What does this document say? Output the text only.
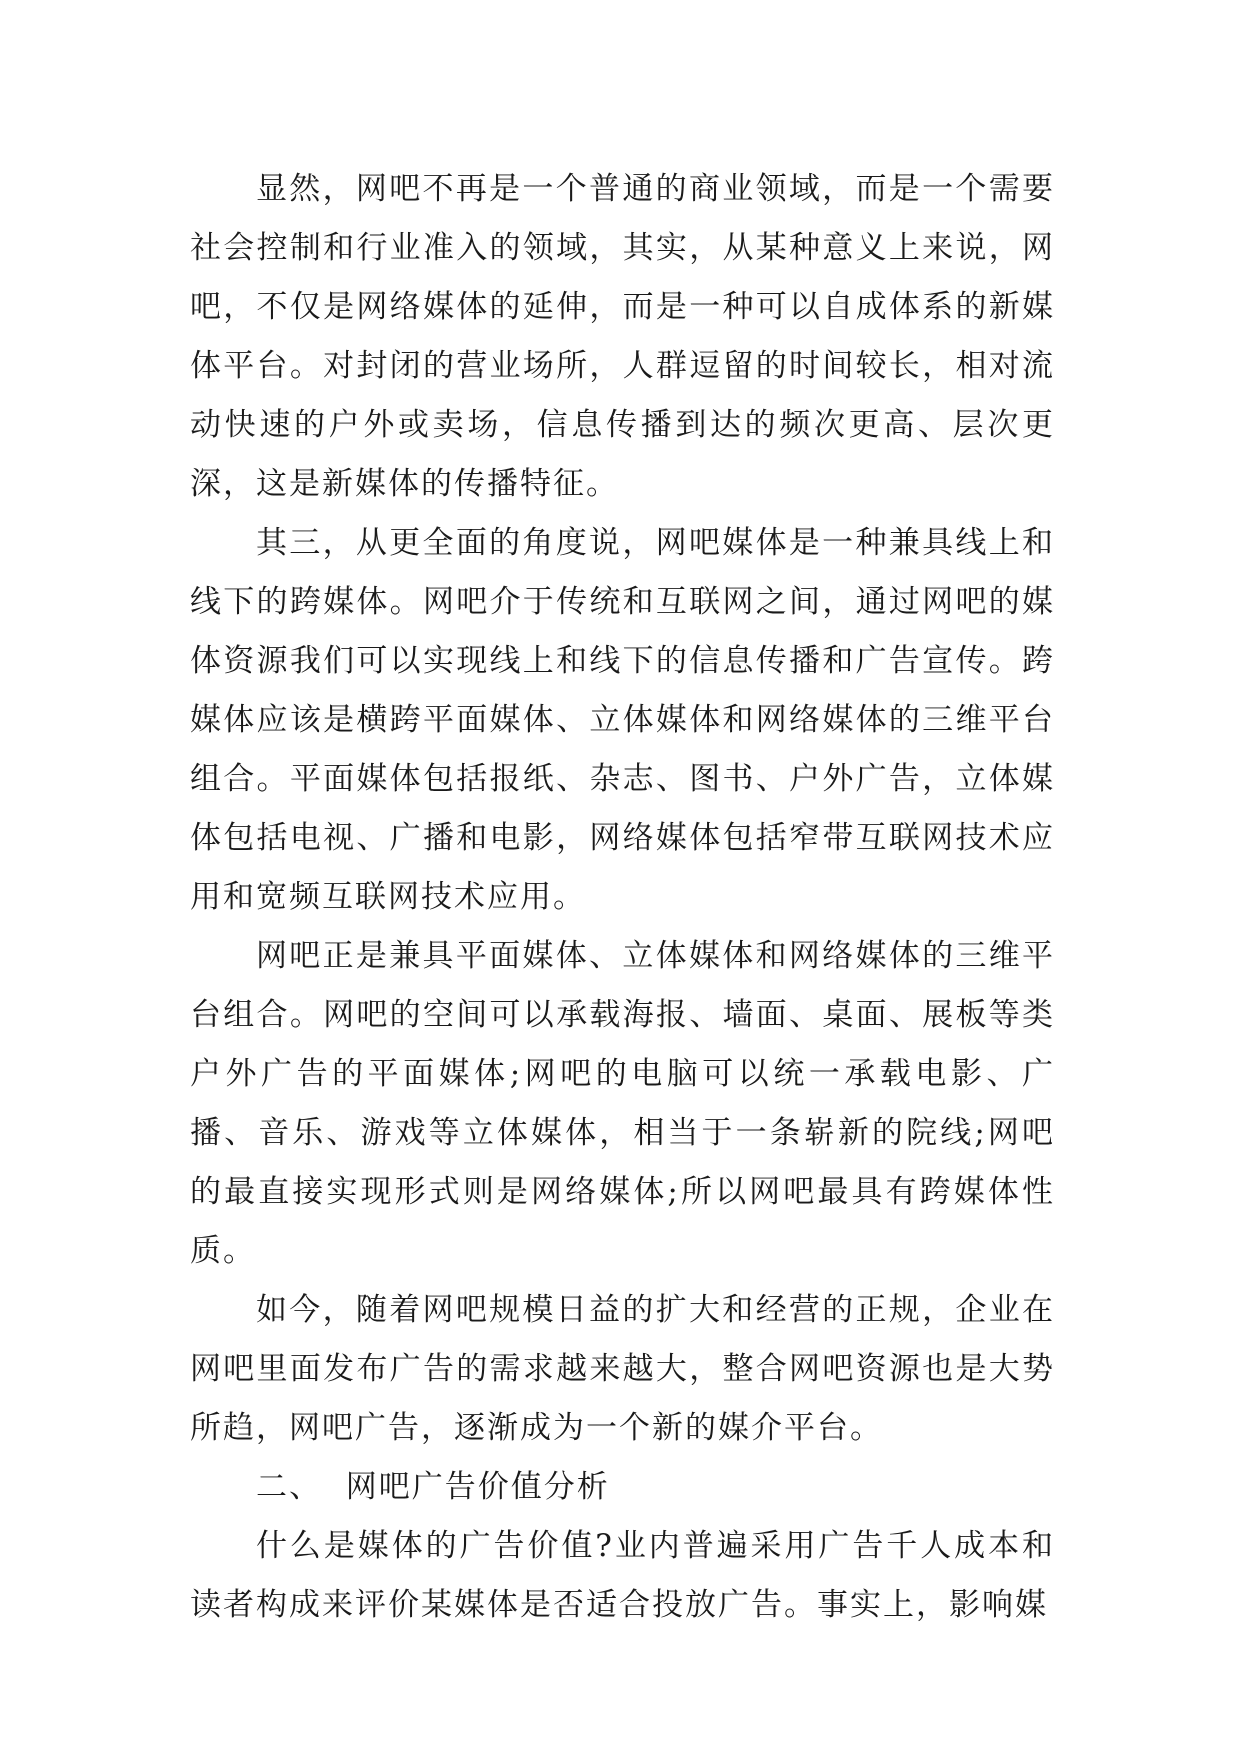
显然，网吧不再是一个普通的商业领域，而是一个需要社会控制和行业准入的领域，其实，从某种意义上来说，网吧，不仅是网络媒体的延伸，而是一种可以自成体系的新媒体平台。对封闭的营业场所，人群逗留的时间较长，相对流动快速的户外或卖场，信息传播到达的频次更高、层次更深，这是新媒体的传播特征。

其三，从更全面的角度说，网吧媒体是一种兼具线上和线下的跨媒体。网吧介于传统和互联网之间，通过网吧的媒体资源我们可以实现线上和线下的信息传播和广告宣传。跨媒体应该是横跨平面媒体、立体媒体和网络媒体的三维平台组合。平面媒体包括报纸、杂志、图书、户外广告，立体媒体包括电视、广播和电影，网络媒体包括窄带互联网技术应用和宽频互联网技术应用。

网吧正是兼具平面媒体、立体媒体和网络媒体的三维平台组合。网吧的空间可以承载海报、墙面、桌面、展板等类户外广告的平面媒体;网吧的电脑可以统一承载电影、广播、音乐、游戏等立体媒体，相当于一条崭新的院线;网吧的最直接实现形式则是网络媒体;所以网吧最具有跨媒体性质。

如今，随着网吧规模日益的扩大和经营的正规，企业在网吧里面发布广告的需求越来越大，整合网吧资源也是大势所趋，网吧广告，逐渐成为一个新的媒介平台。

二、  网吧广告价值分析

什么是媒体的广告价值?业内普遍采用广告千人成本和读者构成来评价某媒体是否适合投放广告。事实上，影响媒
